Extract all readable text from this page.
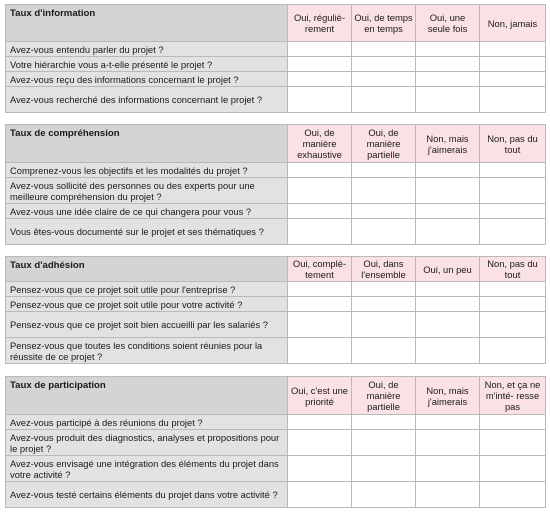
Taux d'information	Oui, réguliè- rement	Oui, de temps en temps	Oui, une seule fois	Non, jamais
Avez-vous entendu parler du projet ?				
Votre hiérarchie vous a-t-elle présenté le projet ?				
Avez-vous reçu des informations concernant le projet ?				
Avez-vous recherché des informations concernant le projet ?				
Taux de compréhension	Oui, de manière exhaustive	Oui, de manière partielle	Non, mais j'aimerais	Non, pas du tout
Comprenez-vous les objectifs et les modalités du projet ?				
Avez-vous sollicité des personnes ou des experts pour une meilleure compréhension du projet ?				
Avez-vous une idée claire de ce qui changera pour vous ?				
Vous êtes-vous documenté sur le projet et ses thématiques ?				
Taux d'adhésion	Oui, complè- tement	Oui, dans l'ensemble	Oui, un peu	Non, pas du tout
Pensez-vous que ce projet soit utile pour l'entreprise ?				
Pensez-vous que ce projet soit utile pour votre activité ?				
Pensez-vous que ce projet soit bien accueilli par les salariés ?				
Pensez-vous que toutes les conditions soient réunies pour la réussite de ce projet ?				
Taux de participation	Oui, c'est une priorité	Oui, de manière partielle	Non, mais j'aimerais	Non, et ça ne m'inté- resse pas
Avez-vous participé à des réunions du projet ?				
Avez-vous produit des diagnostics, analyses et propositions pour le projet ?				
Avez-vous envisagé une intégration des éléments du projet dans votre activité ?				
Avez-vous testé certains éléments du projet dans votre activité ?				
